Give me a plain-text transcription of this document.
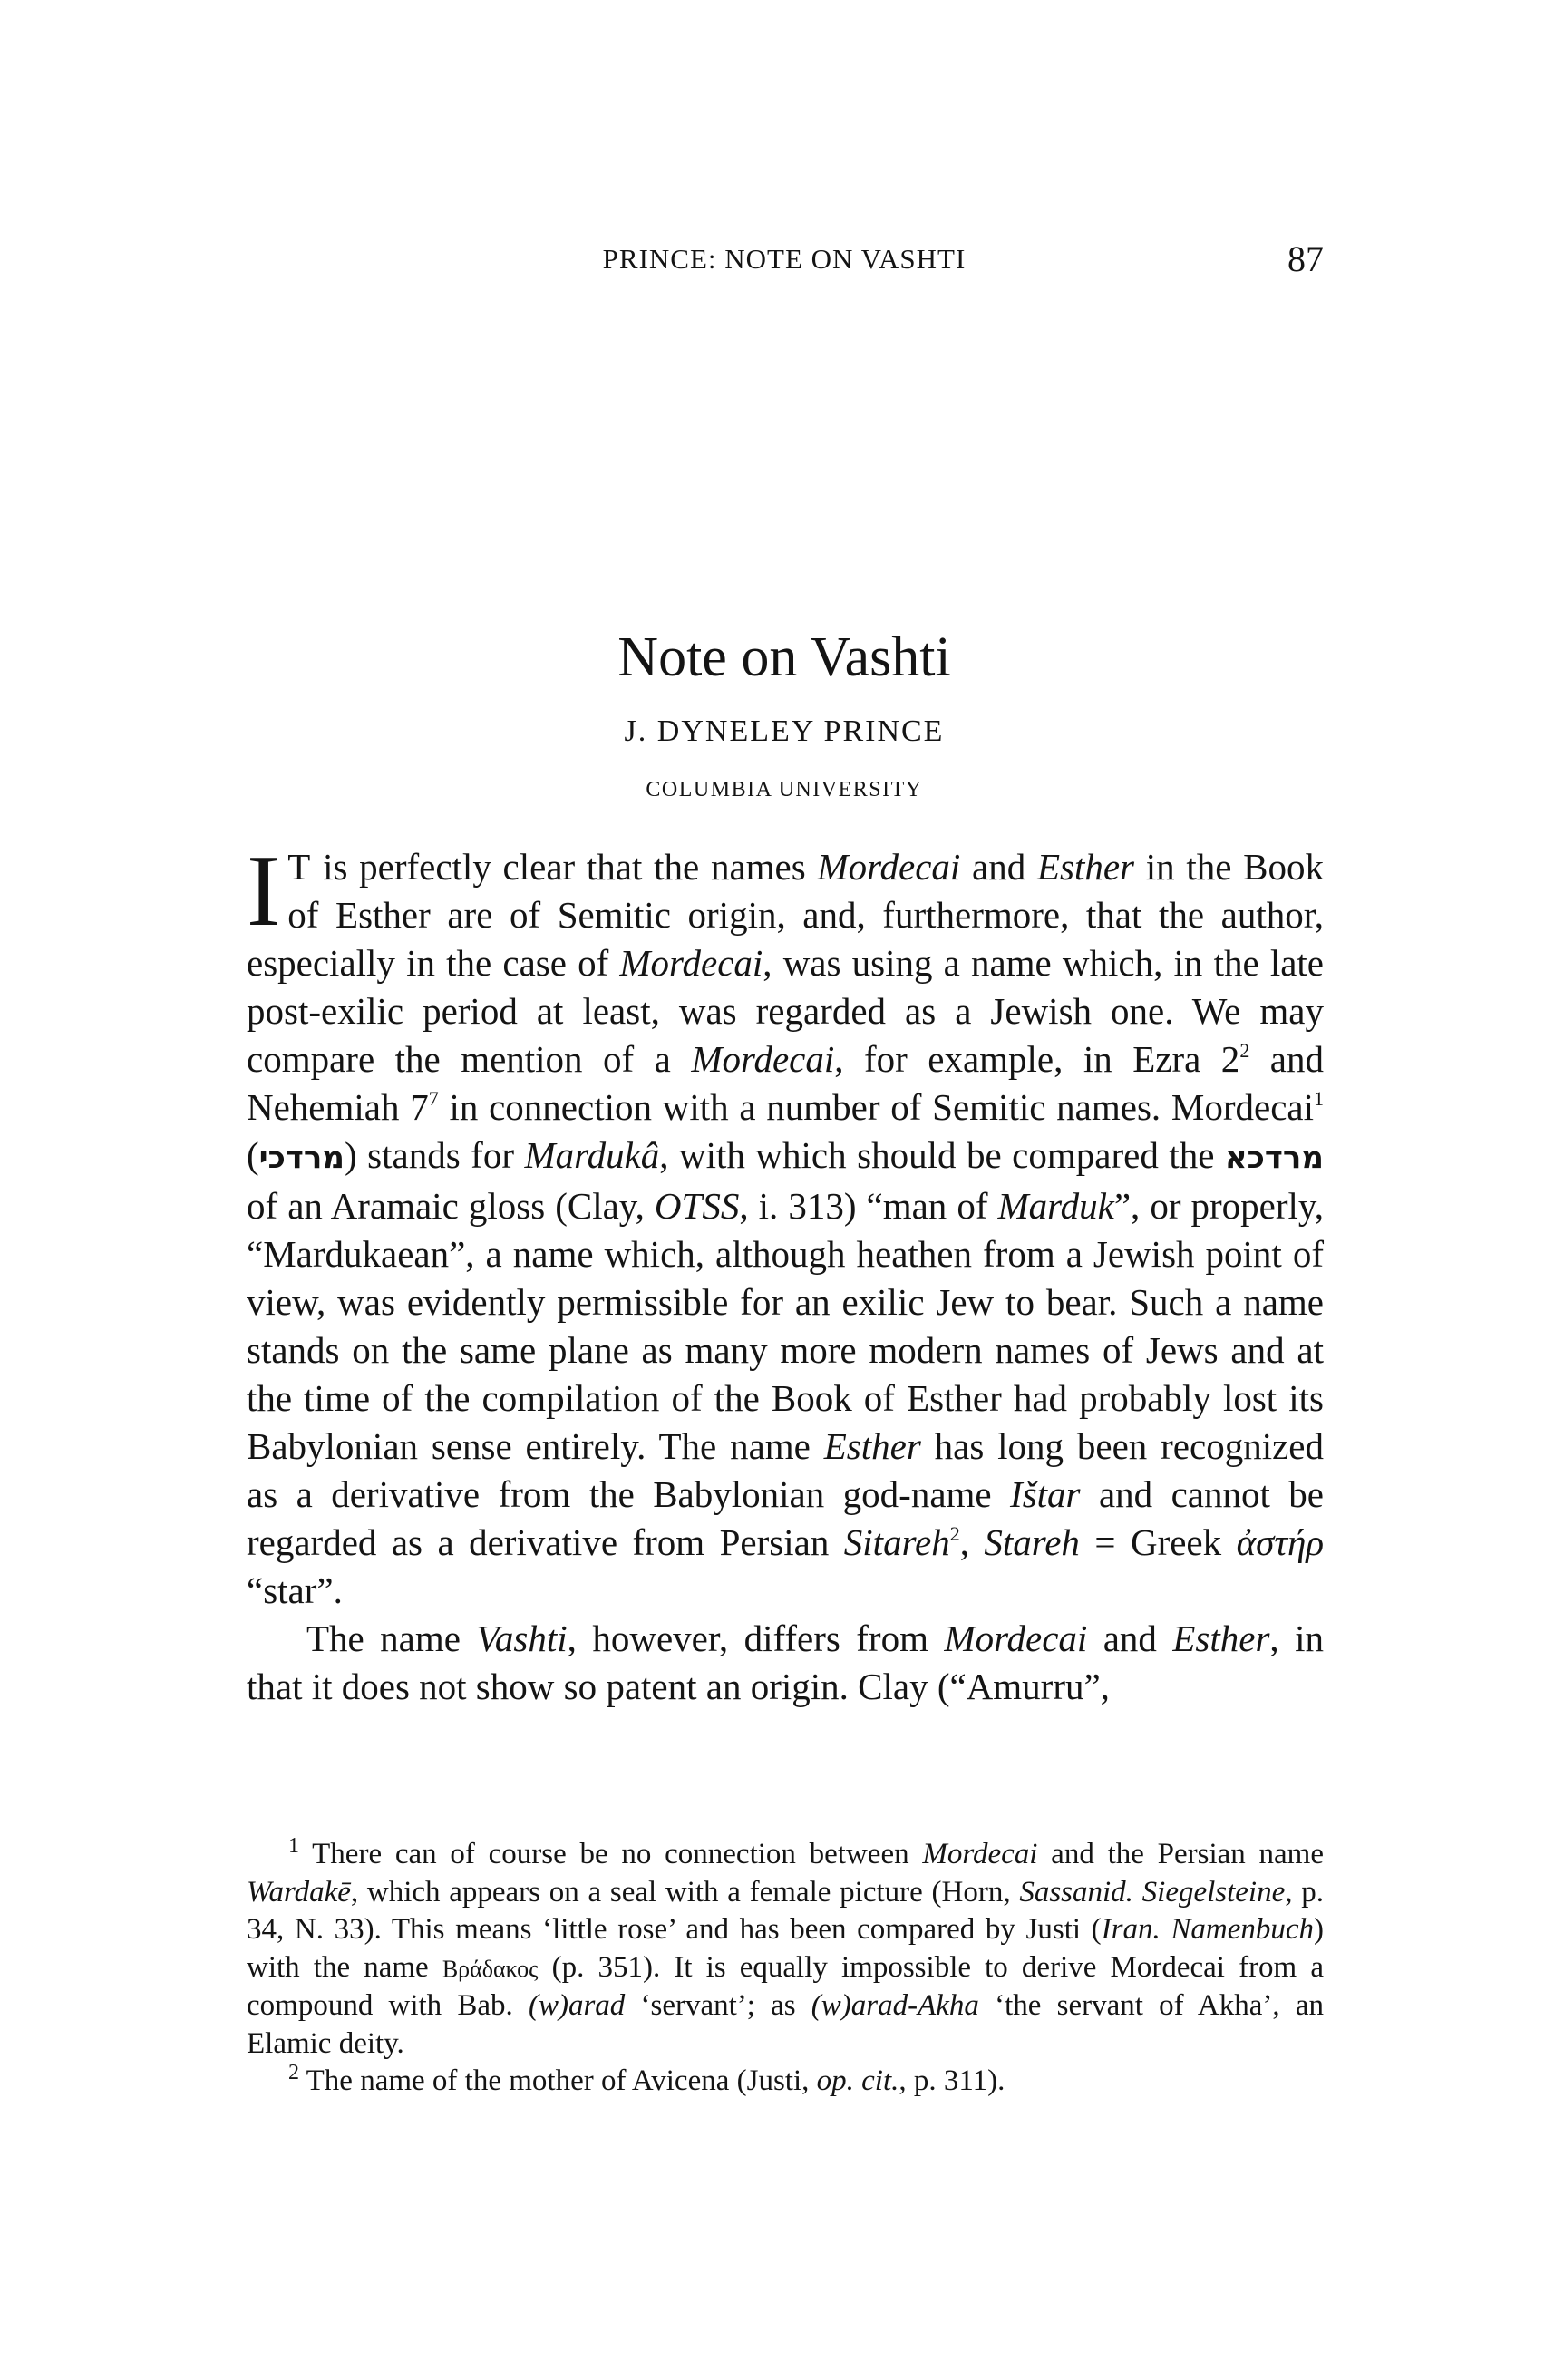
PRINCE: NOTE ON VASHTI	87
Note on Vashti
J. DYNELEY PRINCE
COLUMBIA UNIVERSITY

I T is perfectly clear that the names Mordecai and Esther in the Book of Esther are of Semitic origin, and, furthermore, that the author, especially in the case of Mordecai, was using a name which, in the late post-exilic period at least, was regarded as a Jewish one. We may compare the mention of a Mordecai, for example, in Ezra $2^2$ and Nehemiah $7^7$ in connection with a number of Semitic names. Mordecai$^1$ (מרדכי) stands for Mardukâ, with which should be compared the מרדכא of an Aramaic gloss (Clay, OTSS, i. 313) “man of Marduk”, or properly, “Mardukaean”, a name which, although heathen from a Jewish point of view, was evidently permissible for an exilic Jew to bear. Such a name stands on the same plane as many more modern names of Jews and at the time of the compilation of the Book of Esther had probably lost its Babylonian sense entirely. The name Esther has long been recognized as a derivative from the Babylonian god-name Ištar and cannot be regarded as a derivative from Persian Sitareh$^2$, Stareh = Greek ἀστήρ “star”.

The name Vashti, however, differs from Mordecai and Esther, in that it does not show so patent an origin. Clay (“Amurru”,

$^1$ There can of course be no connection between Mordecai and the Persian name Wardakē, which appears on a seal with a female picture (Horn, Sassanid. Siegelsteine, p. 34, N. 33). This means ‘little rose’ and has been compared by Justi (Iran. Namenbuch) with the name Βράδακος (p. 351). It is equally impossible to derive Mordecai from a compound with Bab. (w)arad ‘servant’; as (w)arad-Akha ‘the servant of Akha’, an Elamic deity.

$^2$ The name of the mother of Avicena (Justi, op. cit., p. 311).
